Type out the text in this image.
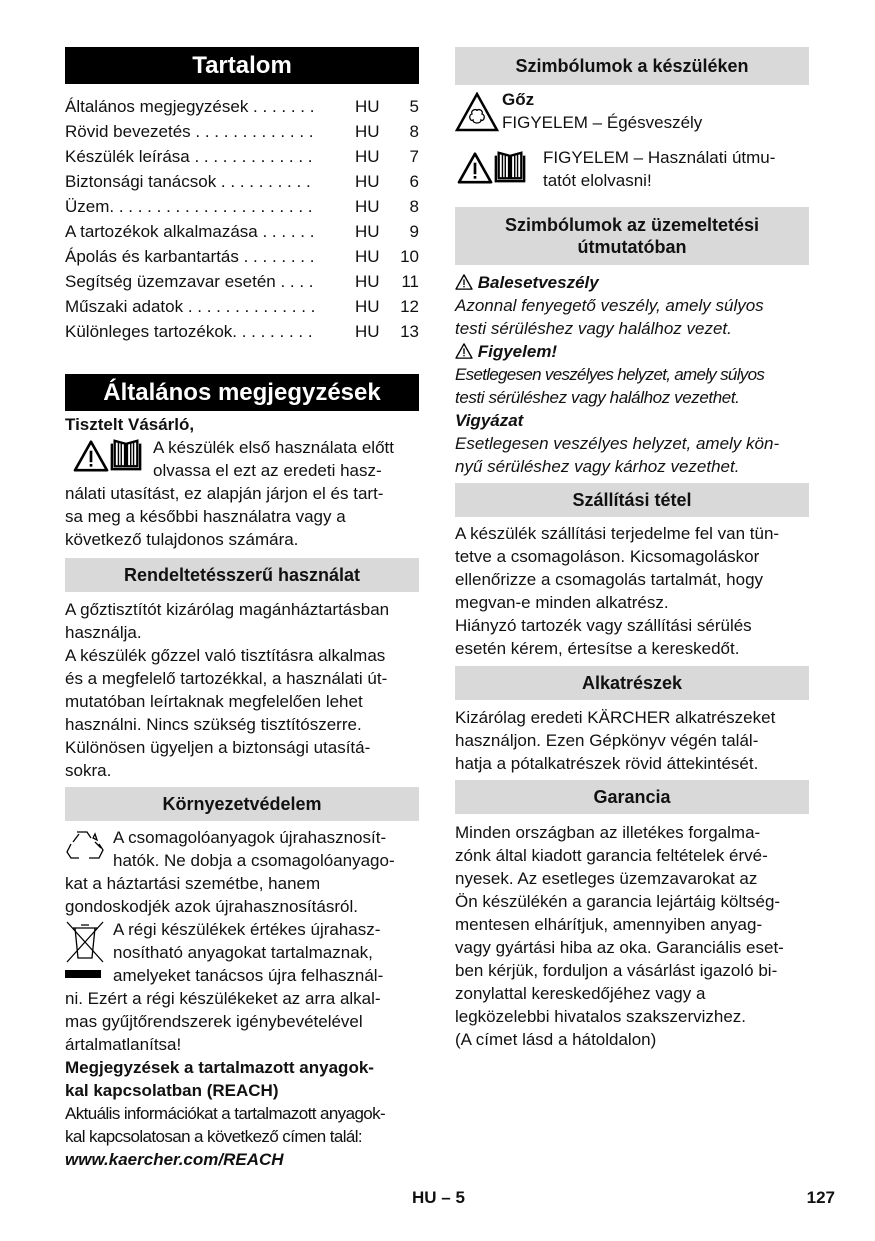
Tartalom
Általános megjegyzések . . . . . . .	HU	5
Rövid bevezetés . . . . . . . . . . . . .	HU	8
Készülék leírása . . . . . . . . . . . . .	HU	7
Biztonsági tanácsok . . . . . . . . . .	HU	6
Üzem. . . . . . . . . . . . . . . . . . . . . .	HU	8
A tartozékok alkalmazása . . . . . .	HU	9
Ápolás és karbantartás . . . . . . . .	HU	10
Segítség üzemzavar esetén . . . .	HU	11
Műszaki adatok . . . . . . . . . . . . . .	HU	12
Különleges tartozékok. . . . . . . . .	HU	13
Általános megjegyzések
Tisztelt Vásárló,
A készülék első használata előtt
olvassa el ezt az eredeti hasz-
nálati utasítást, ez alapján járjon el és tart-
sa meg a későbbi használatra vagy a
következő tulajdonos számára.
Rendeltetésszerű használat
A gőztisztítót kizárólag magánháztartásban
használja.
A készülék gőzzel való tisztításra alkalmas
és a megfelelő tartozékkal, a használati út-
mutatóban leírtaknak megfelelően lehet
használni. Nincs szükség tisztítószerre.
Különösen ügyeljen a biztonsági utasítá-
sokra.
Környezetvédelem
A csomagolóanyagok újrahasznosít-
hatók. Ne dobja a csomagolóanyago-
kat a háztartási szemétbe, hanem
gondoskodjék azok újrahasznosításról.
A régi készülékek értékes újrahasz-
nosítható anyagokat tartalmaznak,
amelyeket tanácsos újra felhasznál-
ni. Ezért a régi készülékeket az arra alkal-
mas gyűjtőrendszerek igénybevételével
ártalmatlanítsa!
Megjegyzések a tartalmazott anyagok-
kal kapcsolatban (REACH)
Aktuális információkat a tartalmazott anyagok-
kal kapcsolatosan a következő címen talál:
www.kaercher.com/REACH
Szimbólumok a készüléken
Gőz
FIGYELEM – Égésveszély
FIGYELEM – Használati útmu-
tatót elolvasni!
Szimbólumok az üzemeltetési
útmutatóban
Balesetveszély
Azonnal fenyegető veszély, amely súlyos
testi sérüléshez vagy halálhoz vezet.
Figyelem!
Esetlegesen veszélyes helyzet, amely súlyos
testi sérüléshez vagy halálhoz vezethet.
Vigyázat
Esetlegesen veszélyes helyzet, amely kön-
nyű sérüléshez vagy kárhoz vezethet.
Szállítási tétel
A készülék szállítási terjedelme fel van tün-
tetve a csomagoláson. Kicsomagoláskor
ellenőrizze a csomagolás tartalmát, hogy
megvan-e minden alkatrész.
Hiányzó tartozék vagy szállítási sérülés
esetén kérem, értesítse a kereskedőt.
Alkatrészek
Kizárólag eredeti KÄRCHER alkatrészeket
használjon. Ezen Gépkönyv végén talál-
hatja a pótalkatrészek rövid áttekintését.
Garancia
Minden országban az illetékes forgalma-
zónk által kiadott garancia feltételek érvé-
nyesek. Az esetleges üzemzavarokat az
Ön készülékén a garancia lejártáig költség-
mentesen elhárítjuk, amennyiben anyag-
vagy gyártási hiba az oka. Garanciális eset-
ben kérjük, forduljon a vásárlást igazoló bi-
zonylattal kereskedőjéhez vagy a
legközelebbi hivatalos szakszervizhez.
(A címet lásd a hátoldalon)
HU – 5	127
